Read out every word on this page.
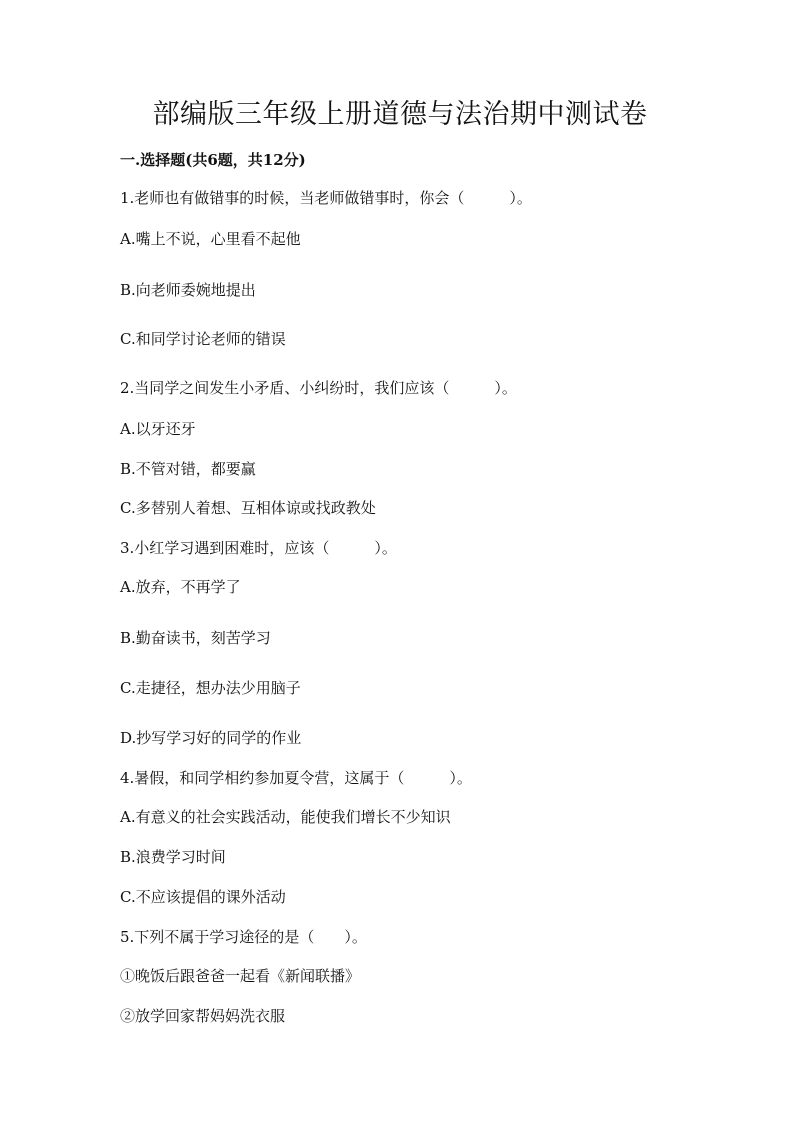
部编版三年级上册道德与法治期中测试卷

一.选择题(共6题，共12分)

1.老师也有做错事的时候，当老师做错事时，你会（　　　）。

A.嘴上不说，心里看不起他

B.向老师委婉地提出

C.和同学讨论老师的错误

2.当同学之间发生小矛盾、小纠纷时，我们应该（　　　）。

A.以牙还牙

B.不管对错，都要赢

C.多替别人着想、互相体谅或找政教处

3.小红学习遇到困难时，应该（　　　）。

A.放弃，不再学了

B.勤奋读书，刻苦学习

C.走捷径，想办法少用脑子

D.抄写学习好的同学的作业

4.暑假，和同学相约参加夏令营，这属于（　　　）。

A.有意义的社会实践活动，能使我们增长不少知识

B.浪费学习时间

C.不应该提倡的课外活动

5.下列不属于学习途径的是（　　）。

①晚饭后跟爸爸一起看《新闻联播》

②放学回家帮妈妈洗衣服
